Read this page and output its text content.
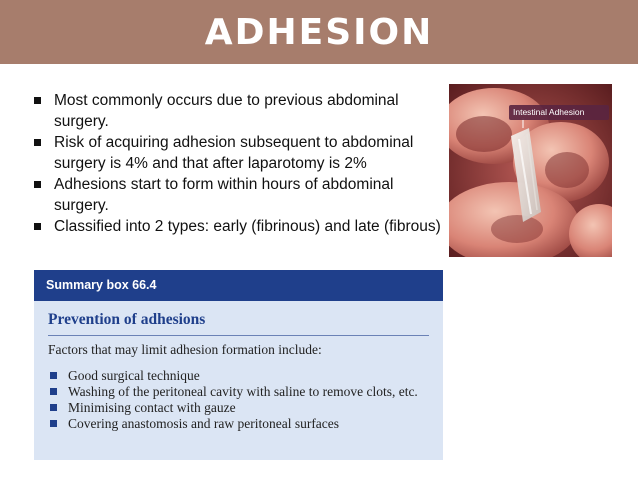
ADHESION
Most commonly occurs due to previous abdominal surgery.
Risk of acquiring adhesion subsequent to abdominal surgery is 4% and that after laparotomy is 2%
Adhesions start to form within hours of abdominal surgery.
Classified into 2 types: early (fibrinous) and late (fibrous)
Intestinal Adhesion
Summary box 66.4
Prevention of adhesions
Factors that may limit adhesion formation include:
Good surgical technique
Washing of the peritoneal cavity with saline to remove clots, etc.
Minimising contact with gauze
Covering anastomosis and raw peritoneal surfaces
